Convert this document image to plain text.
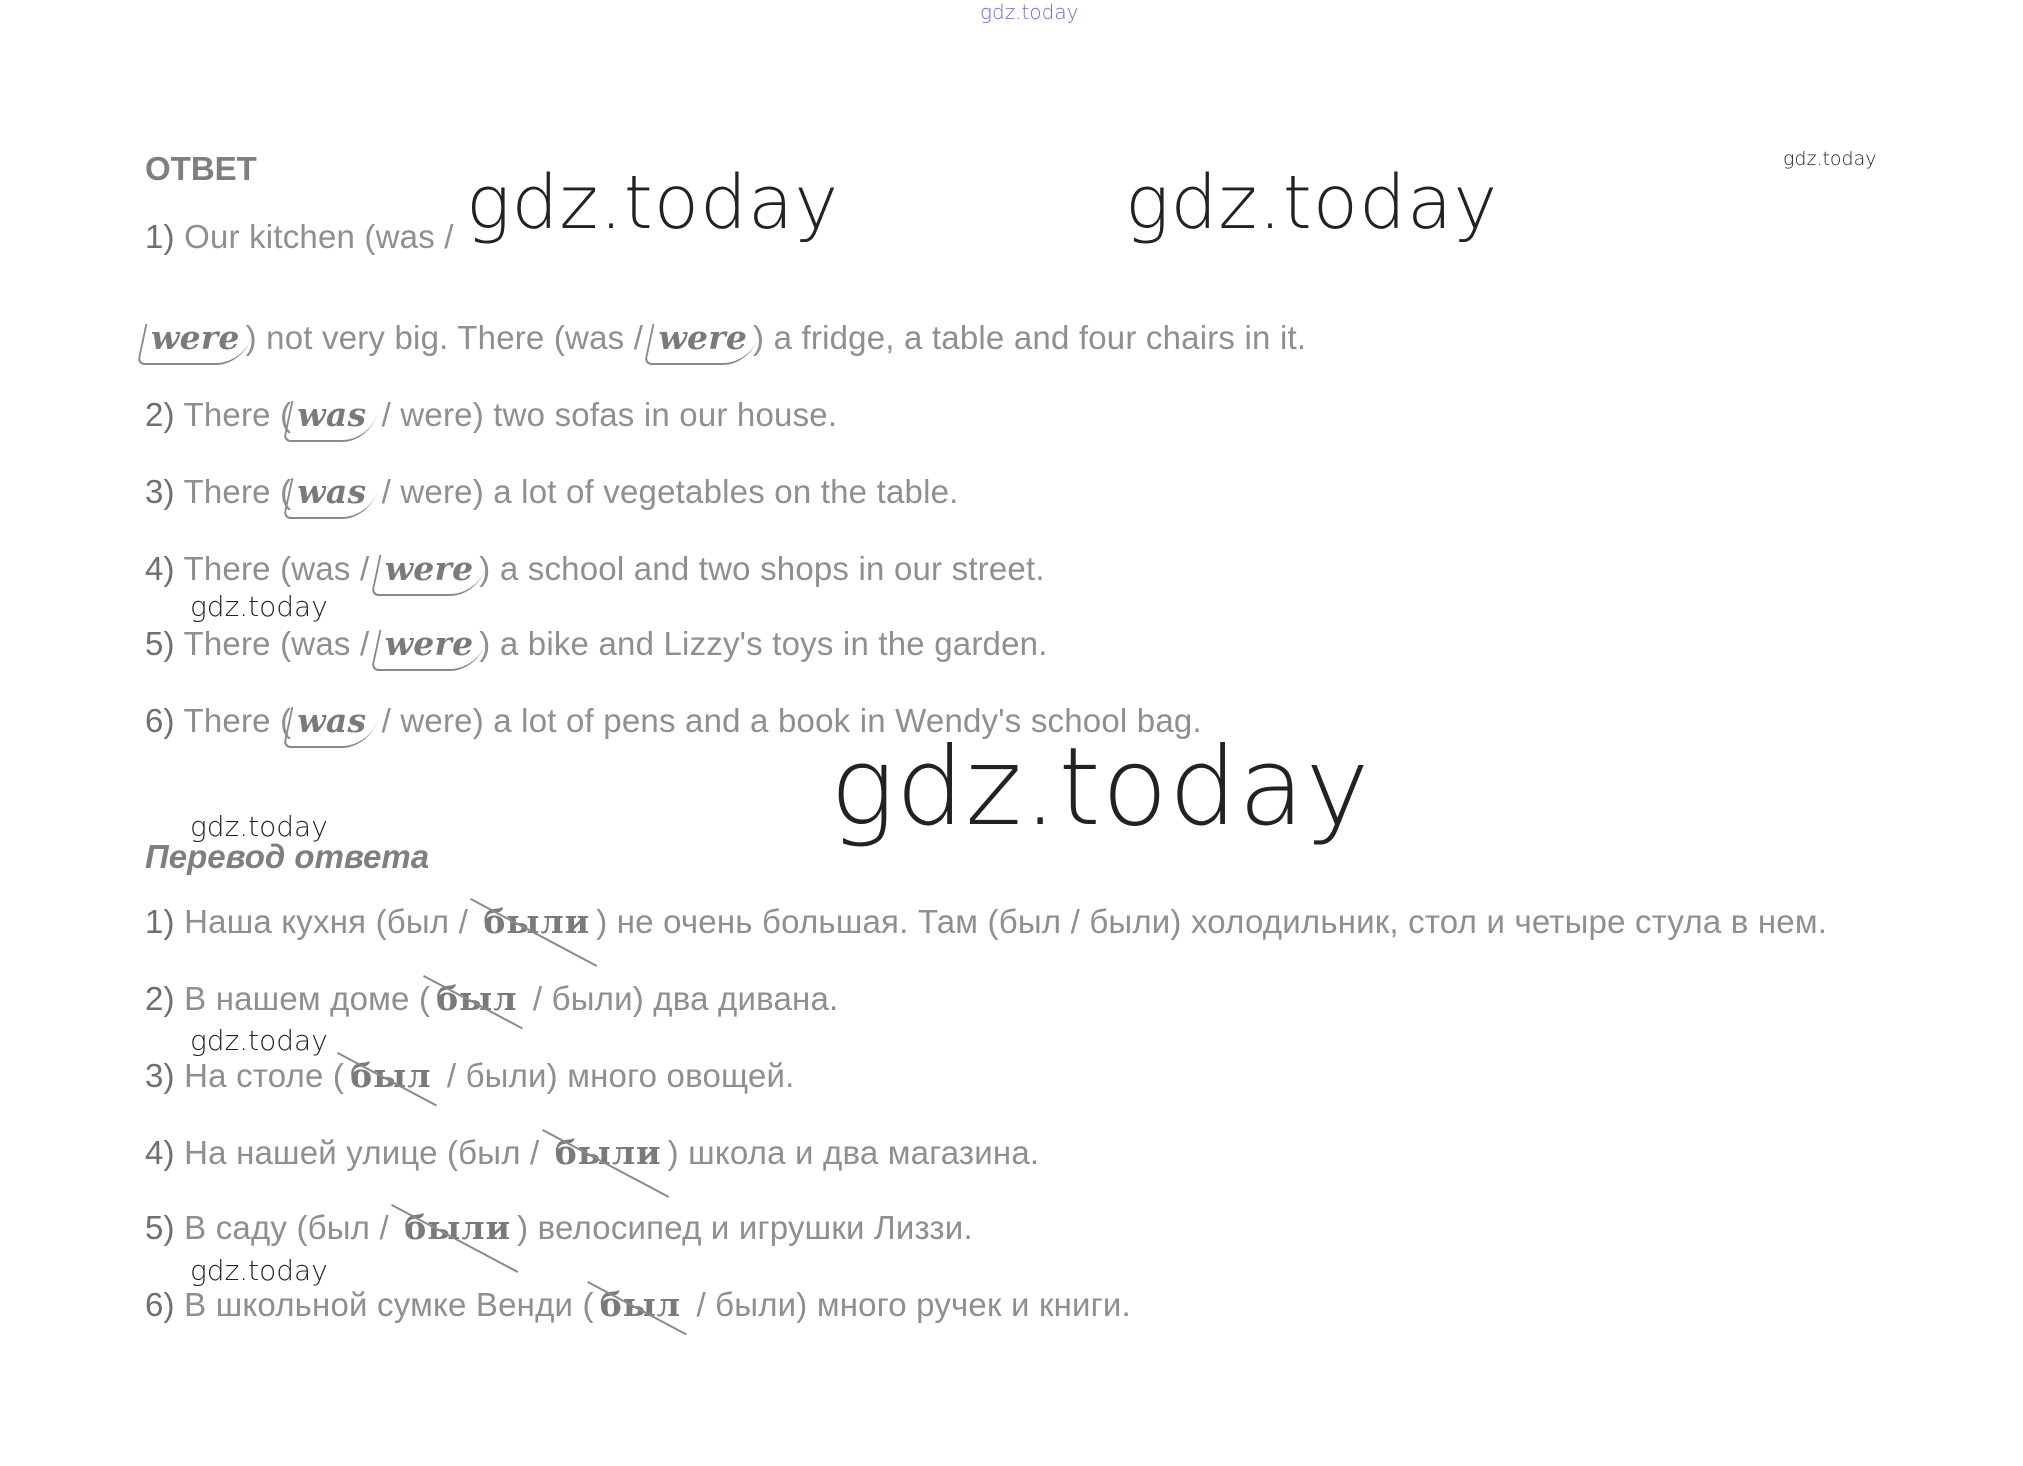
gdz.today
gdz.today
gdz.today	gdz.today
gdz.today
gdz.today
gdz.today
gdz.today
gdz.today
ОТВЕТ
1) Our kitchen (was /
were ) not very big. There (was / were ) a fridge, a table and four chairs in it.
2) There ( was
/ were) two sofas in our house.
3) There ( was
/ were) a lot of vegetables on the table.
4) There (was / were ) a school and two shops in our street.
5) There (was / were ) a bike and Lizzy's toys in the garden.
6) There ( was
/ were) a lot of pens and a book in Wendy's school bag.
Перевод ответа
1) Наша кухня (был / были ) не очень большая. Там (был / были) холодильник, стол и четыре стула в нем.
2) В нашем доме ( был
/ были) два дивана.
3) На столе ( был
/ были) много овощей.
4) На нашей улице (был / были ) школа и два магазина.
5) В саду (был / были ) велосипед и игрушки Лиззи.
6) В школьной сумке Венди ( был
/ были) много ручек и книги.
